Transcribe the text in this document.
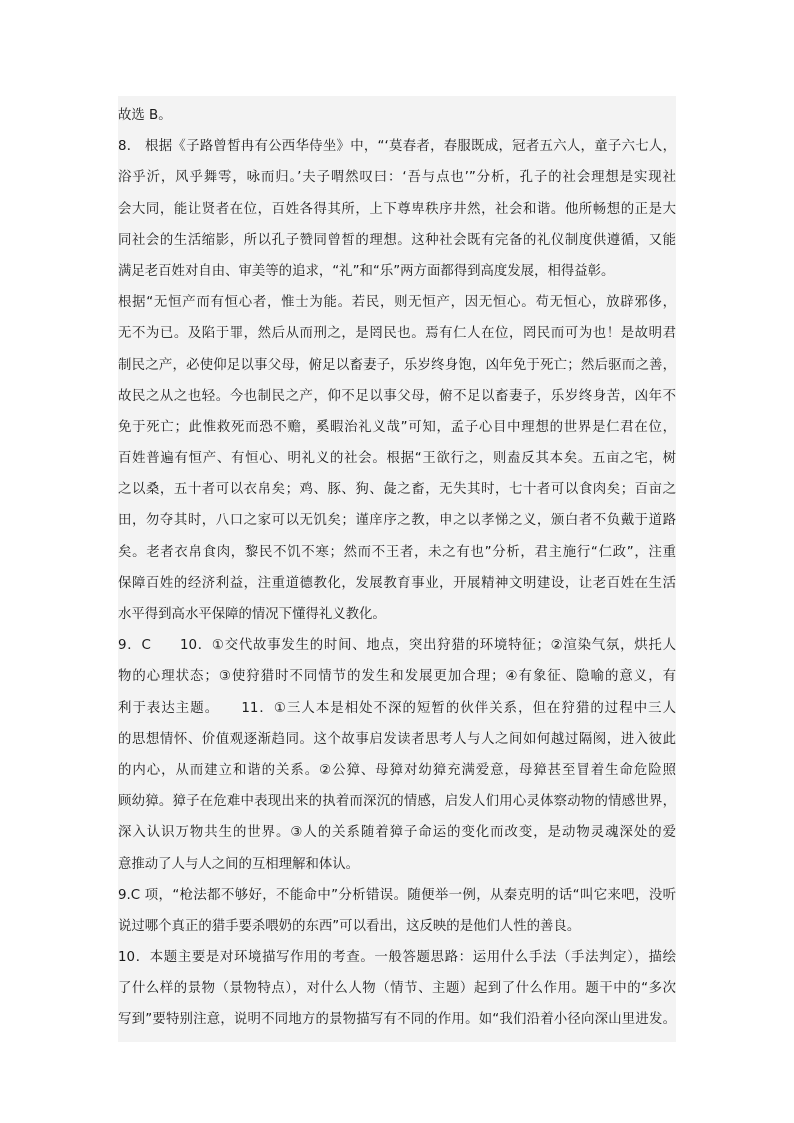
故选 B。
8． 根据《子路曾皙冉有公西华侍坐》中，“‘莫春者，春服既成，冠者五六人，童子六七人，
浴乎沂，风乎舞雩，咏而归。’夫子喟然叹曰：‘吾与点也’”分析，孔子的社会理想是实现社
会大同，能让贤者在位，百姓各得其所，上下尊卑秩序井然，社会和谐。他所畅想的正是大
同社会的生活缩影，所以孔子赞同曾皙的理想。这种社会既有完备的礼仪制度供遵循，又能
满足老百姓对自由、审美等的追求，“礼”和“乐”两方面都得到高度发展，相得益彰。
根据“无恒产而有恒心者，惟士为能。若民，则无恒产，因无恒心。苟无恒心，放辟邪侈，
无不为已。及陷于罪，然后从而刑之，是罔民也。焉有仁人在位，罔民而可为也！是故明君
制民之产，必使仰足以事父母，俯足以畜妻子，乐岁终身饱，凶年免于死亡；然后驱而之善，
故民之从之也轻。今也制民之产，仰不足以事父母，俯不足以畜妻子，乐岁终身苦，凶年不
免于死亡；此惟救死而恐不赡，奚暇治礼义哉”可知，孟子心目中理想的世界是仁君在位，
百姓普遍有恒产、有恒心、明礼义的社会。根据“王欲行之，则盍反其本矣。五亩之宅，树
之以桑，五十者可以衣帛矣；鸡、豚、狗、彘之畜，无失其时，七十者可以食肉矣；百亩之
田，勿夺其时，八口之家可以无饥矣；谨庠序之教，申之以孝悌之义，颁白者不负戴于道路
矣。老者衣帛食肉，黎民不饥不寒；然而不王者，未之有也”分析，君主施行“仁政”，注重
保障百姓的经济利益，注重道德教化，发展教育事业，开展精神文明建设，让老百姓在生活
水平得到高水平保障的情况下懂得礼义教化。
9．C　　10．①交代故事发生的时间、地点，突出狩猎的环境特征；②渲染气氛，烘托人
物的心理状态；③使狩猎时不同情节的发生和发展更加合理；④有象征、隐喻的意义，有
利于表达主题。　　11．①三人本是相处不深的短暂的伙伴关系，但在狩猎的过程中三人
的思想情怀、价值观逐渐趋同。这个故事启发读者思考人与人之间如何越过隔阂，进入彼此
的内心，从而建立和谐的关系。②公獐、母獐对幼獐充满爱意，母獐甚至冒着生命危险照
顾幼獐。獐子在危难中表现出来的执着而深沉的情感，启发人们用心灵体察动物的情感世界，
深入认识万物共生的世界。③人的关系随着獐子命运的变化而改变，是动物灵魂深处的爱
意推动了人与人之间的互相理解和体认。
9.C 项，“枪法都不够好，不能命中”分析错误。随便举一例，从秦克明的话“叫它来吧，没听
说过哪个真正的猎手要杀喂奶的东西”可以看出，这反映的是他们人性的善良。
10．本题主要是对环境描写作用的考查。一般答题思路：运用什么手法（手法判定），描绘
了什么样的景物（景物特点），对什么人物（情节、主题）起到了什么作用。题干中的“多次
写到”要特别注意，说明不同地方的景物描写有不同的作用。如“我们沿着小径向深山里进发。
